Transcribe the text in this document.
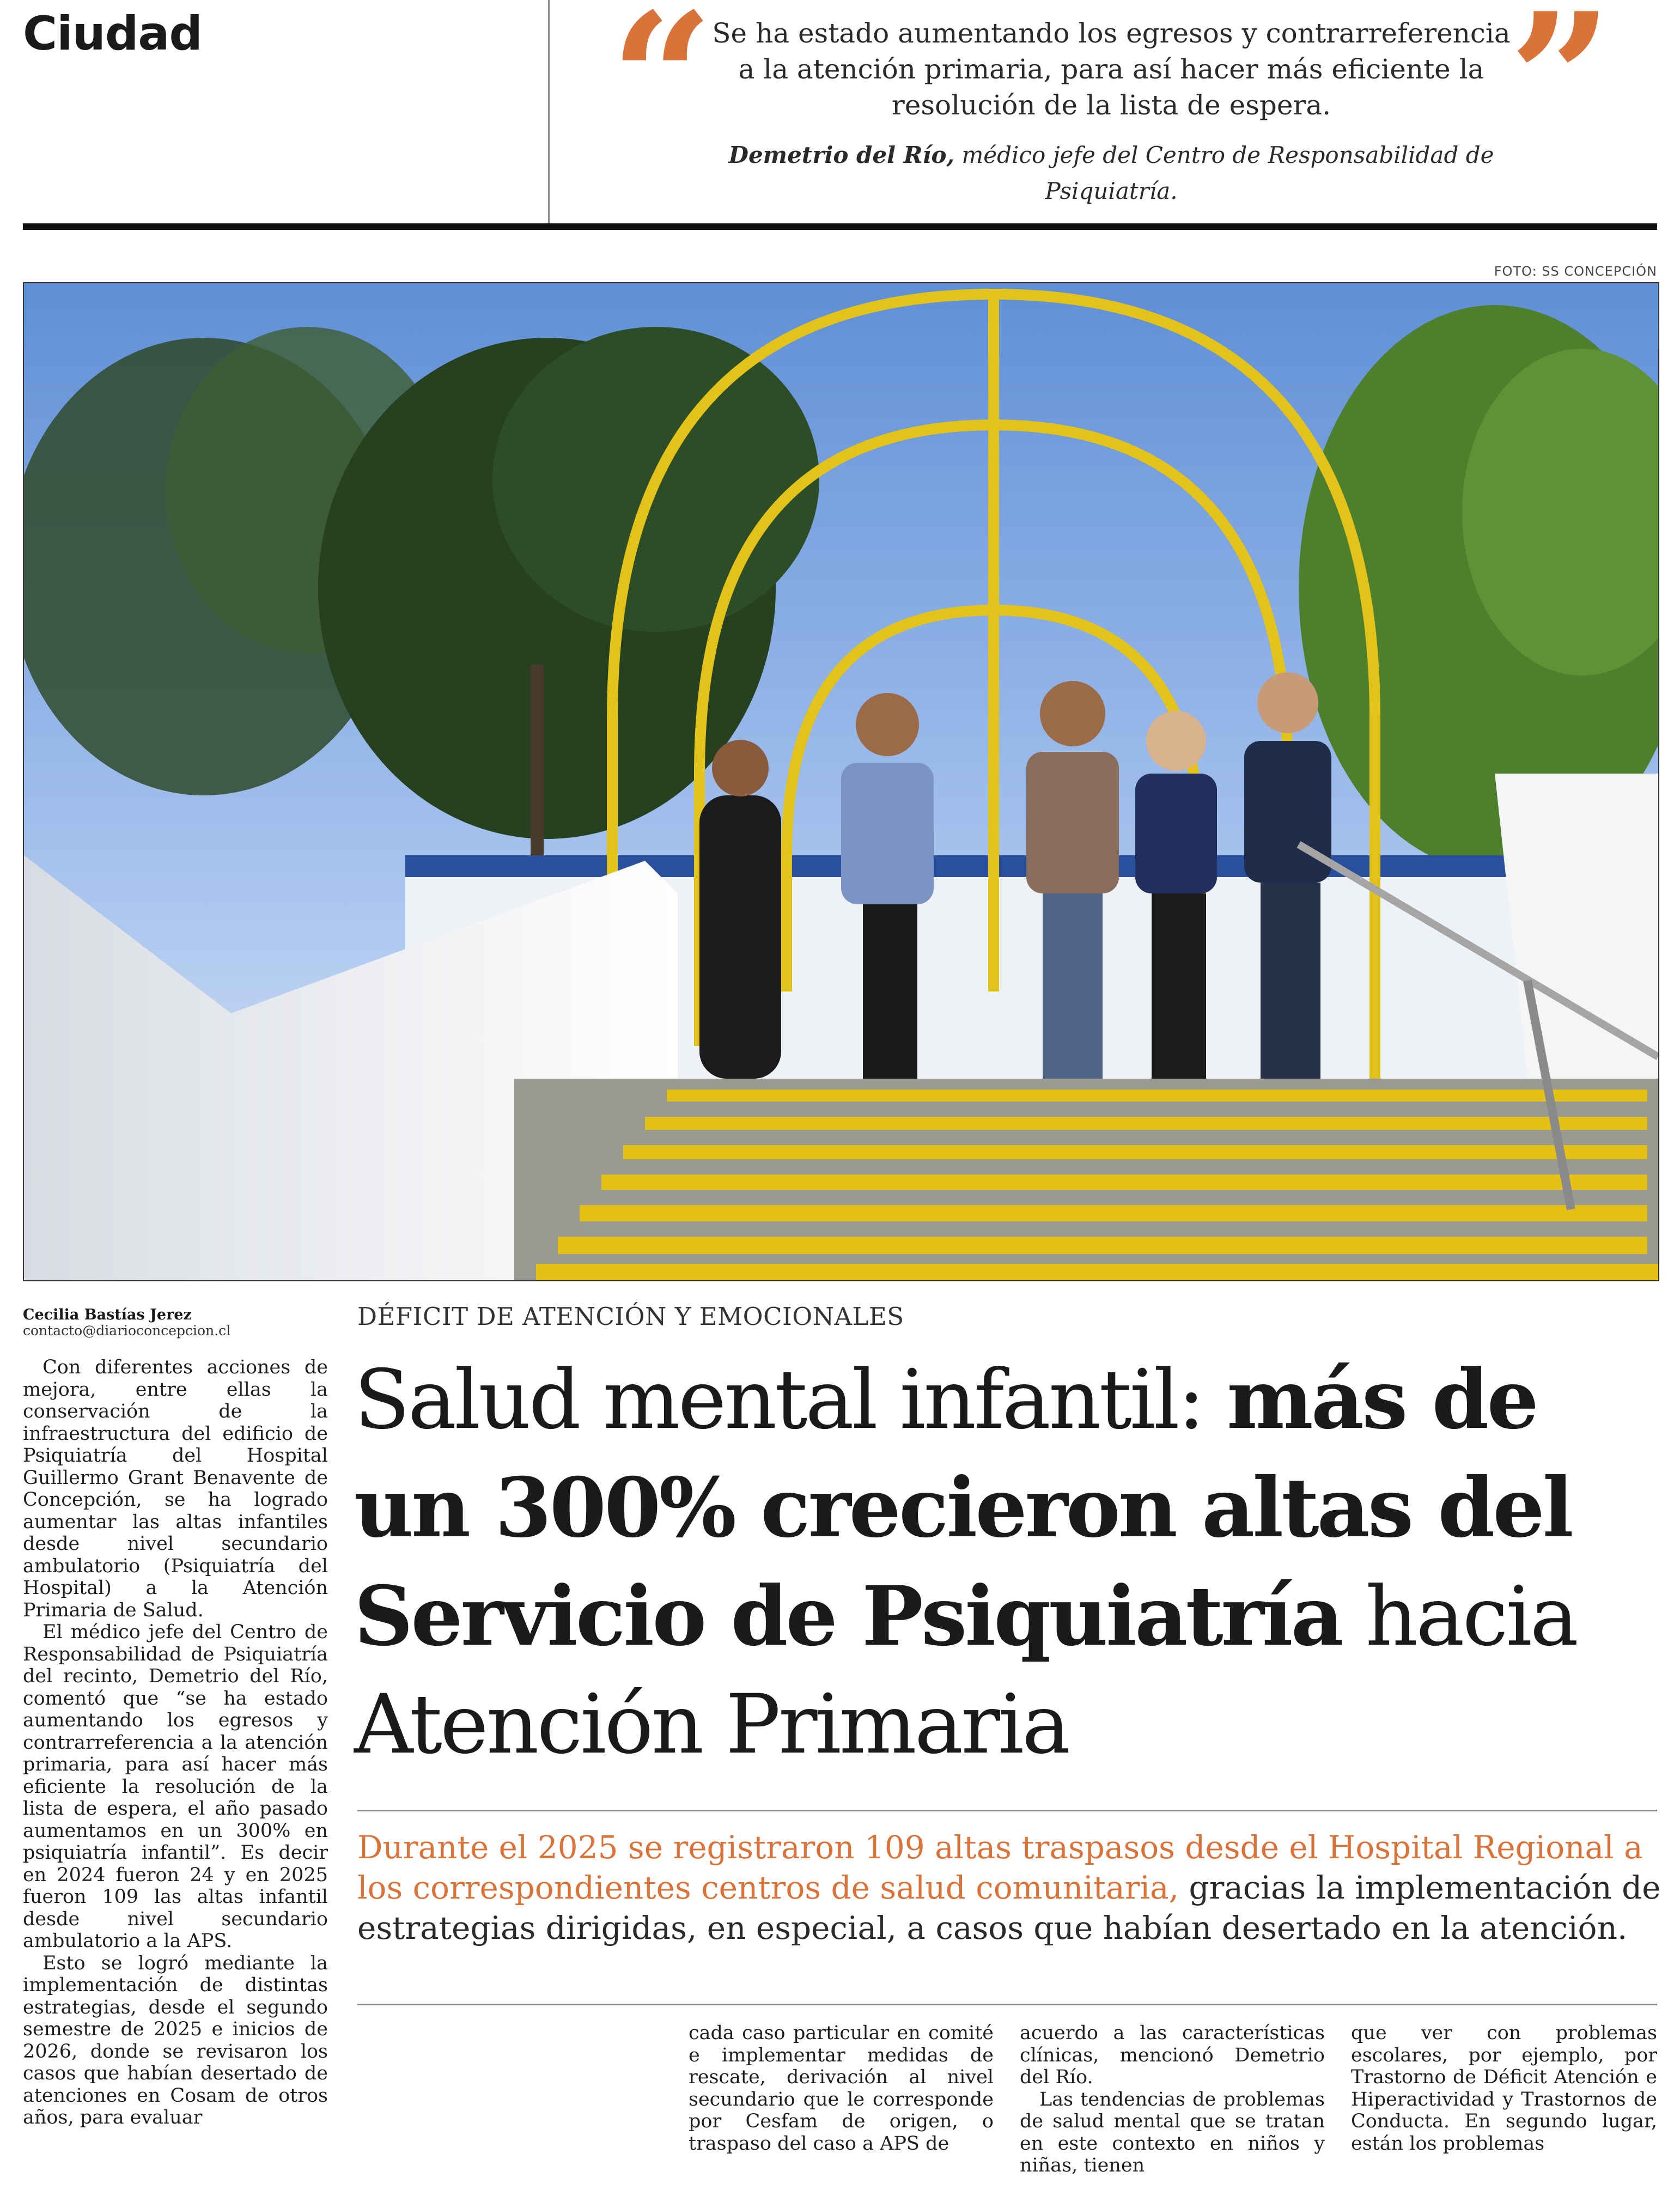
Ciudad “	”
Se ha estado aumentando los egresos y contrarreferencia a la atención primaria, para así hacer más eficiente la resolución de la lista de espera.
Demetrio del Río, médico jefe del Centro de Responsabilidad de Psiquiatría.
FOTO: SS CONCEPCIÓN
Cecilia Bastías Jerez
contacto@diarioconcepcion.cl

Con diferentes acciones de mejora, entre ellas la conservación de la infraestructura del edificio de Psiquiatría del Hospital Guillermo Grant Benavente de Concepción, se ha logrado aumentar las altas infantiles desde nivel secundario ambulatorio (Psiquiatría del Hospital) a la Atención Primaria de Salud.

El médico jefe del Centro de Responsabilidad de Psiquiatría del recinto, Demetrio del Río, comentó que “se ha estado aumentando los egresos y contrarreferencia a la atención primaria, para así hacer más eficiente la resolución de la lista de espera, el año pasado aumentamos en un 300% en psiquiatría infantil”. Es decir en 2024 fueron 24 y en 2025 fueron 109 las altas infantil desde nivel secundario ambulatorio a la APS.

Esto se logró mediante la implementación de distintas estrategias, desde el segundo semestre de 2025 e inicios de 2026, donde se revisaron los casos que habían desertado de atenciones en Cosam de otros años, para evaluar

DÉFICIT DE ATENCIÓN Y EMOCIONALES
Salud mental infantil: más de un 300% crecieron altas del Servicio de Psiquiatría hacia Atención Primaria
Durante el 2025 se registraron 109 altas traspasos desde el Hospital Regional a los correspondientes centros de salud comunitaria, gracias la implementación de estrategias dirigidas, en especial, a casos que habían desertado en la atención.

cada caso particular en comité e implementar medidas de rescate, derivación al nivel secundario que le corresponde por Cesfam de origen, o traspaso del caso a APS de

acuerdo a las características clínicas, mencionó Demetrio del Río.

Las tendencias de problemas de salud mental que se tratan en este contexto en niños y niñas, tienen

que ver con problemas escolares, por ejemplo, por Trastorno de Déficit Atención e Hiperactividad y Trastornos de Conducta. En segundo lugar, están los problemas
